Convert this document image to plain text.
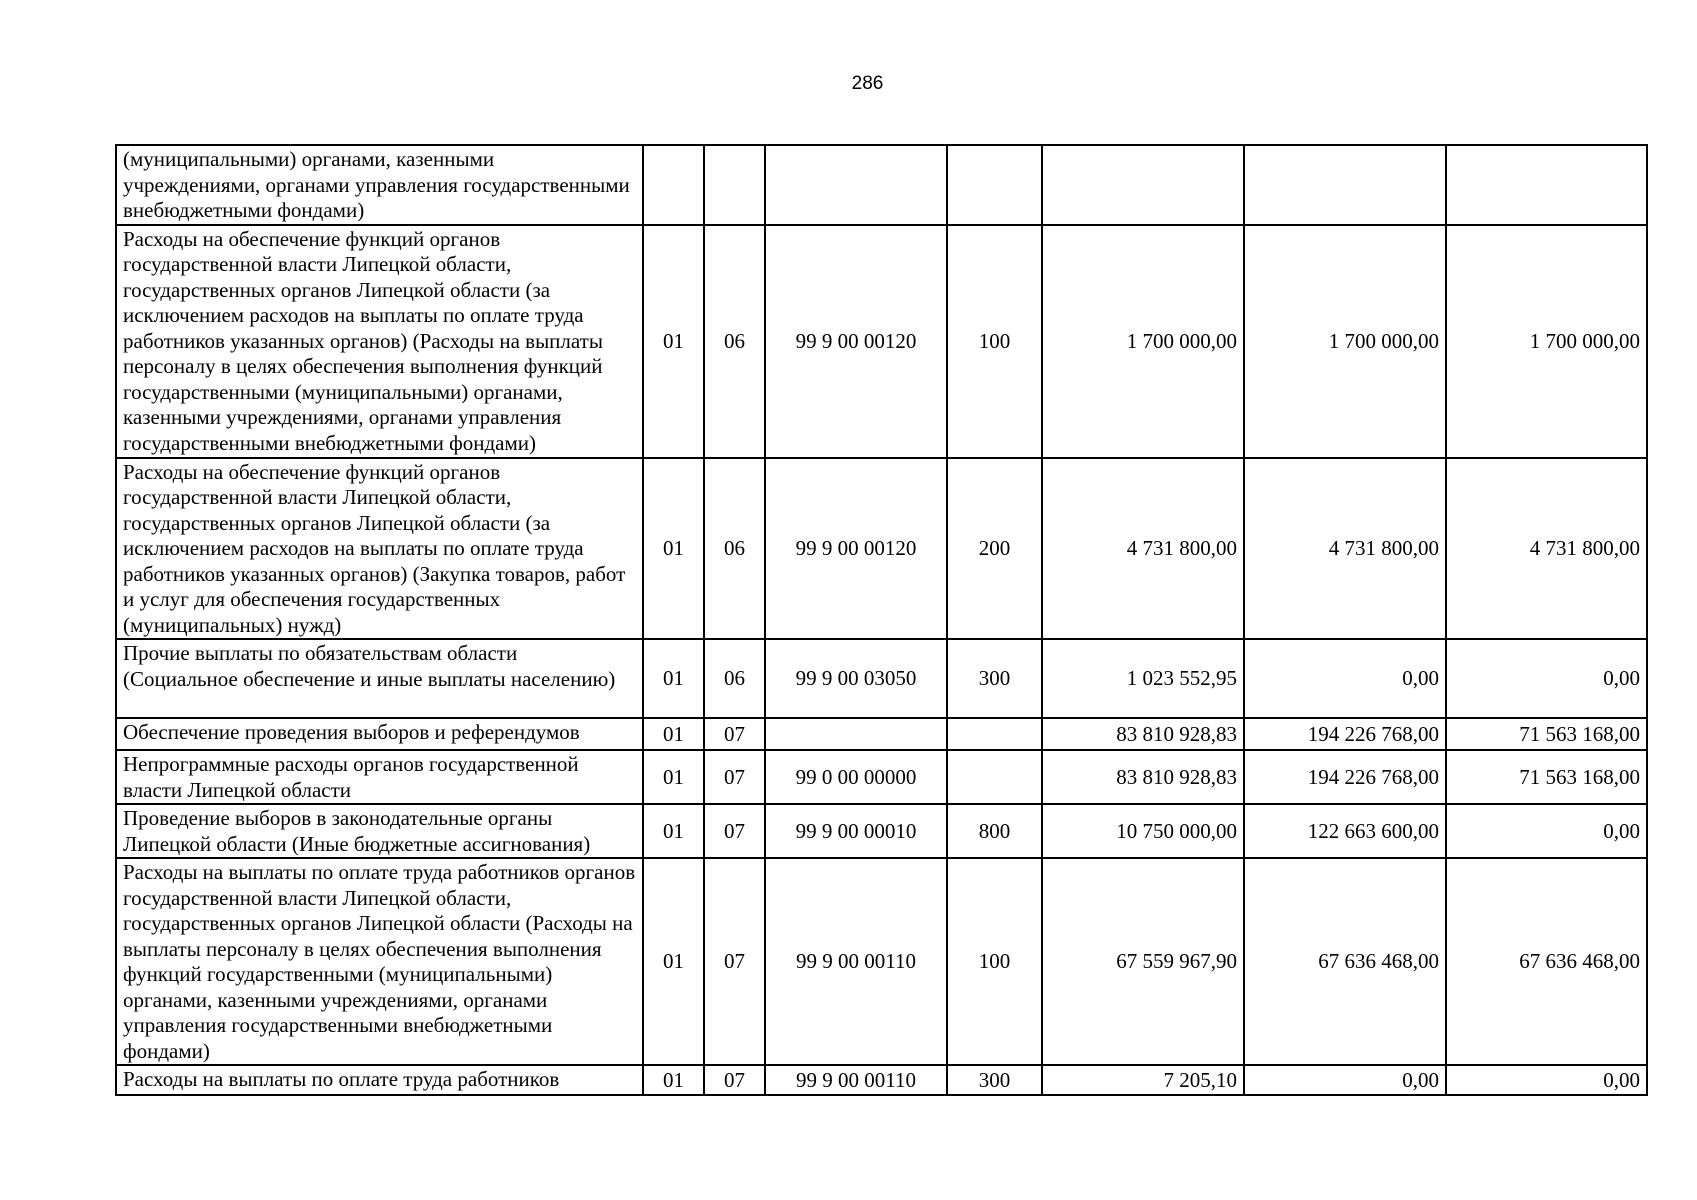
286
(муниципальными) органами, казенными учреждениями, органами управления государственными внебюджетными фондами)							
Расходы на обеспечение функций органов государственной власти Липецкой области, государственных органов Липецкой области (за исключением расходов на выплаты по оплате труда работников указанных органов) (Расходы на выплаты персоналу в целях обеспечения выполнения функций государственными (муниципальными) органами, казенными учреждениями, органами управления государственными внебюджетными фондами)	01	06	99 9 00 00120	100	1 700 000,00	1 700 000,00	1 700 000,00
Расходы на обеспечение функций органов государственной власти Липецкой области, государственных органов Липецкой области (за исключением расходов на выплаты по оплате труда работников указанных органов) (Закупка товаров, работ и услуг для обеспечения государственных (муниципальных) нужд)	01	06	99 9 00 00120	200	4 731 800,00	4 731 800,00	4 731 800,00
Прочие выплаты по обязательствам области (Социальное обеспечение и иные выплаты населению)	01	06	99 9 00 03050	300	1 023 552,95	0,00	0,00
Обеспечение проведения выборов и референдумов	01	07			83 810 928,83	194 226 768,00	71 563 168,00
Непрограммные расходы органов государственной власти Липецкой области	01	07	99 0 00 00000		83 810 928,83	194 226 768,00	71 563 168,00
Проведение выборов в законодательные органы Липецкой области (Иные бюджетные ассигнования)	01	07	99 9 00 00010	800	10 750 000,00	122 663 600,00	0,00
Расходы на выплаты по оплате труда работников органов государственной власти Липецкой области, государственных органов Липецкой области (Расходы на выплаты персоналу в целях обеспечения выполнения функций государственными (муниципальными) органами, казенными учреждениями, органами управления государственными внебюджетными фондами)	01	07	99 9 00 00110	100	67 559 967,90	67 636 468,00	67 636 468,00
Расходы на выплаты по оплате труда работников	01	07	99 9 00 00110	300	7 205,10	0,00	0,00
